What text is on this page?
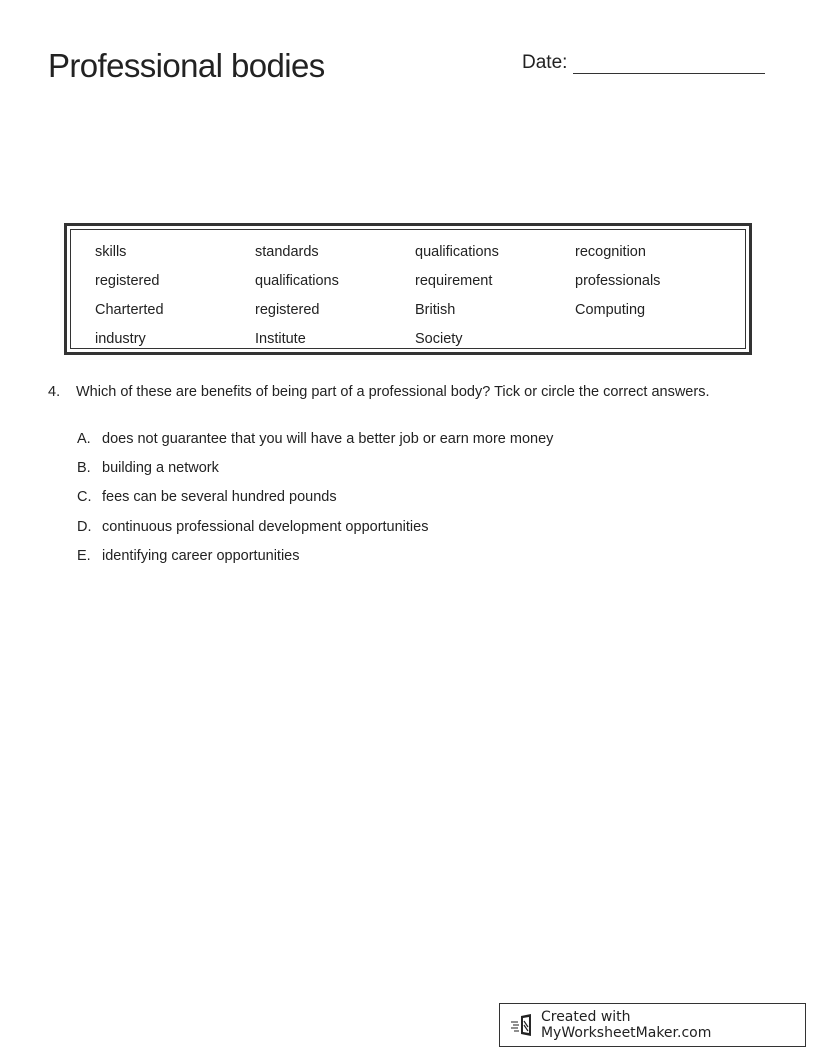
Professional bodies	Date:
skills	standards	qualifications	recognition
registered	qualifications	requirement	professionals
Charterted	registered	British	Computing
industry	Institute	Society
4.	Which of these are benefits of being part of a professional body? Tick or circle the correct answers.
A. does not guarantee that you will have a better job or earn more money
B. building a network
C. fees can be several hundred pounds
D. continuous professional development opportunities
E. identifying career opportunities
Created with MyWorksheetMaker.com
